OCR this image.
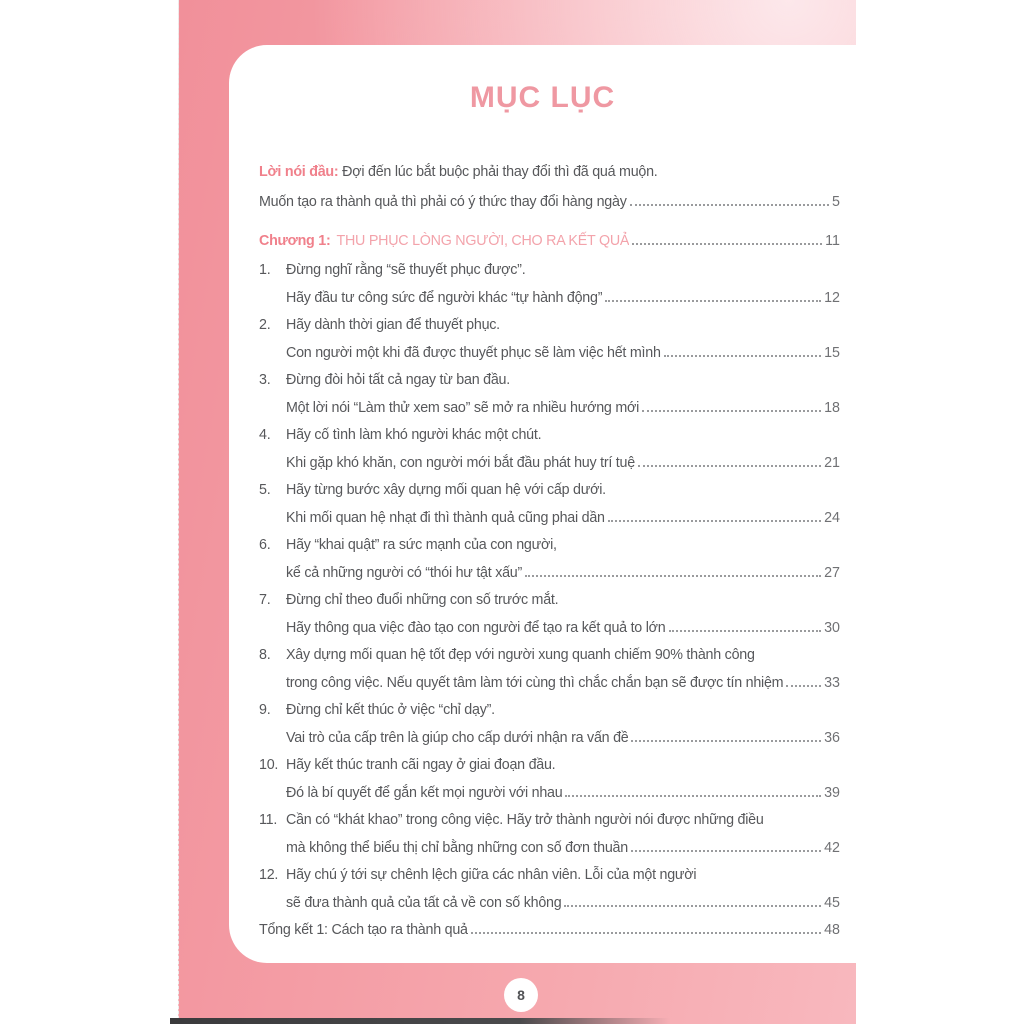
MỤC LỤC
Lời nói đầu:
Đợi đến lúc bắt buộc phải thay đổi thì đã quá muộn.
Muốn tạo ra thành quả thì phải có ý thức thay đổi hàng ngày	5
Chương 1: THU PHỤC LÒNG NGƯỜI, CHO RA KẾT QUẢ	11
1.	Đừng nghĩ rằng “sẽ thuyết phục được”.
Hãy đầu tư công sức để người khác “tự hành động”	12
2.	Hãy dành thời gian để thuyết phục.
Con người một khi đã được thuyết phục sẽ làm việc hết mình	15
3.	Đừng đòi hỏi tất cả ngay từ ban đầu.
Một lời nói “Làm thử xem sao” sẽ mở ra nhiều hướng mới	18
4.	Hãy cố tình làm khó người khác một chút.
Khi gặp khó khăn, con người mới bắt đầu phát huy trí tuệ	21
5.	Hãy từng bước xây dựng mối quan hệ với cấp dưới.
Khi mối quan hệ nhạt đi thì thành quả cũng phai dần	24
6.	Hãy “khai quật” ra sức mạnh của con người,
kể cả những người có “thói hư tật xấu”	27
7.	Đừng chỉ theo đuổi những con số trước mắt.
Hãy thông qua việc đào tạo con người để tạo ra kết quả to lớn	30
8.	Xây dựng mối quan hệ tốt đẹp với người xung quanh chiếm 90% thành công
trong công việc. Nếu quyết tâm làm tới cùng thì chắc chắn bạn sẽ được tín nhiệm	33
9.	Đừng chỉ kết thúc ở việc “chỉ dạy”.
Vai trò của cấp trên là giúp cho cấp dưới nhận ra vấn đề	36
10. Hãy kết thúc tranh cãi ngay ở giai đoạn đầu.
Đó là bí quyết để gắn kết mọi người với nhau	39
11. Cần có “khát khao” trong công việc. Hãy trở thành người nói được những điều
mà không thể biểu thị chỉ bằng những con số đơn thuần	42
12. Hãy chú ý tới sự chênh lệch giữa các nhân viên. Lỗi của một người
sẽ đưa thành quả của tất cả về con số không	45
Tổng kết 1: Cách tạo ra thành quả	48
8
